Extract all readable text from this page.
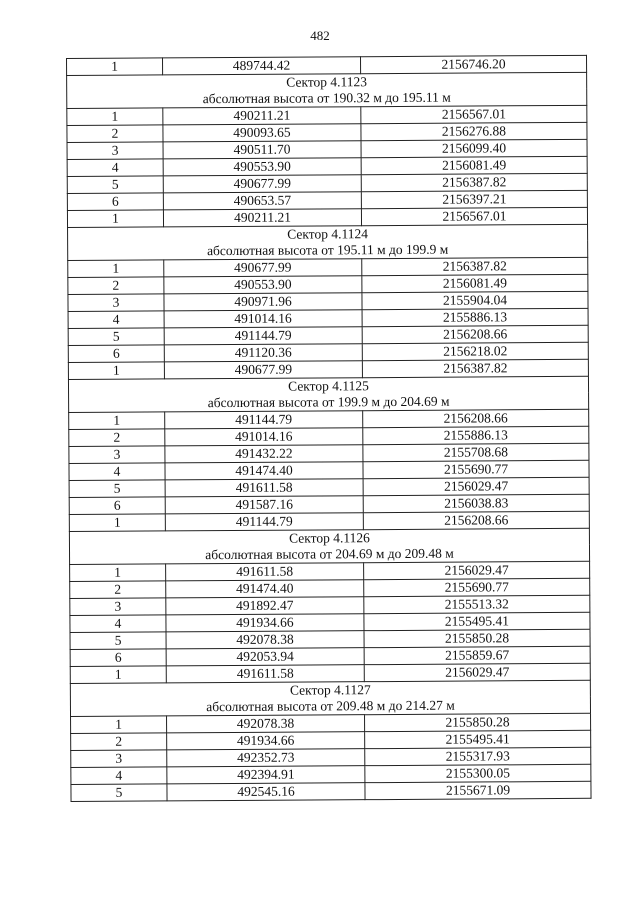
482
1	489744.42	2156746.20
Сектор 4.1123		
абсолютная высота от 190.32 м до 195.11 м		
1	490211.21	2156567.01
2	490093.65	2156276.88
3	490511.70	2156099.40
4	490553.90	2156081.49
5	490677.99	2156387.82
6	490653.57	2156397.21
1	490211.21	2156567.01
Сектор 4.1124		
абсолютная высота от 195.11 м до 199.9 м		
1	490677.99	2156387.82
2	490553.90	2156081.49
3	490971.96	2155904.04
4	491014.16	2155886.13
5	491144.79	2156208.66
6	491120.36	2156218.02
1	490677.99	2156387.82
Сектор 4.1125		
абсолютная высота от 199.9 м до 204.69 м		
1	491144.79	2156208.66
2	491014.16	2155886.13
3	491432.22	2155708.68
4	491474.40	2155690.77
5	491611.58	2156029.47
6	491587.16	2156038.83
1	491144.79	2156208.66
Сектор 4.1126		
абсолютная высота от 204.69 м до 209.48 м		
1	491611.58	2156029.47
2	491474.40	2155690.77
3	491892.47	2155513.32
4	491934.66	2155495.41
5	492078.38	2155850.28
6	492053.94	2155859.67
1	491611.58	2156029.47
Сектор 4.1127		
абсолютная высота от 209.48 м до 214.27 м		
1	492078.38	2155850.28
2	491934.66	2155495.41
3	492352.73	2155317.93
4	492394.91	2155300.05
5	492545.16	2155671.09
